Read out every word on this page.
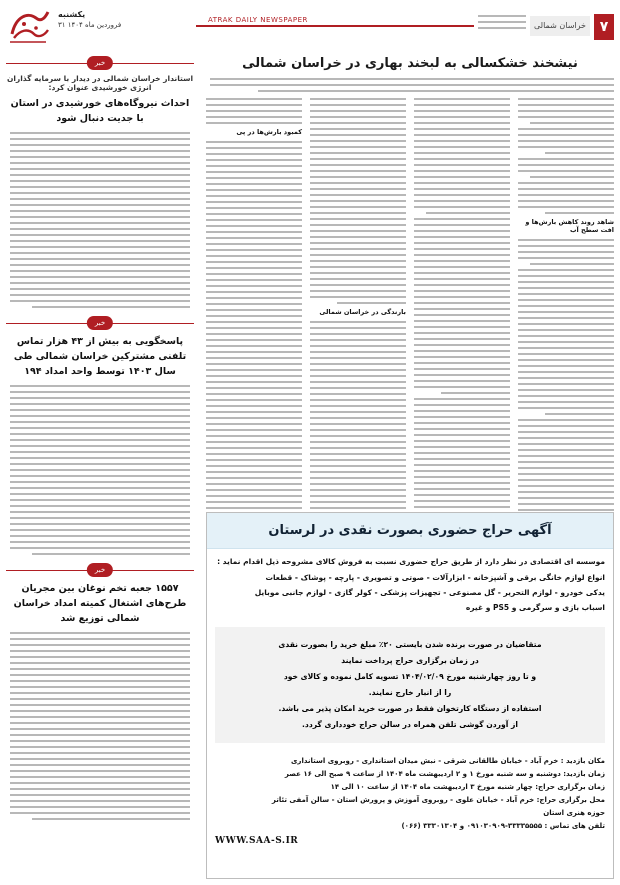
یکشنبه
۳۱ فروردین ماه ۱۴۰۴
ATRAK DAILY NEWSPAPER
خراسان شمالی ۷
نیشخند خشکسالی به لبخند بهاری در خراسان شمالی
شاهد روند کاهش بارش‌ها و افت سطح آب
بارندگی در خراسان شمالی
کمبود بارش‌ها در پی
خبر
استاندار خراسان شمالی در دیدار با سرمایه گذاران انرژی خورشیدی عنوان کرد:
احداث نیروگاه‌های خورشیدی در استان با جدیت دنبال شود
خبر
پاسخگویی به بیش از ۴۳ هزار تماس تلفنی مشترکین خراسان شمالی طی سال ۱۴۰۳ توسط واحد امداد ۱۹۴
خبر
۱۵۵۷ جعبه تخم نوغان بین مجریان طرح‌های اشتغال کمیته امداد خراسان شمالی توزیع شد
آگهی حراج حضوری بصورت نقدی در لرستان
موسسه ای اقتصادی در نظر دارد از طریق حراج حضوری نسبت به فروش کالای مشروحه ذیل اقدام نماید :
انواع لوازم خانگی برقی و آشپزخانه - ابزارآلات - صوتی و تصویری - پارچه - پوشاک - قطعات
یدکی خودرو - لوازم التحریر - گل مصنوعی - تجهیزات پزشکی - کولر گازی - لوازم جانبی موبایل
اسباب بازی و سرگرمی و PS5 و غیره
متقاضیان در صورت برنده شدن بایستی ۲۰٪ مبلغ خرید را بصورت نقدی
در زمان برگزاری حراج پرداخت نمایند
و تا روز چهارشنبه مورخ ۱۴۰۴/۰۲/۰۹ تسویه کامل نموده و کالای خود
را از انبار خارج نمایند.
استفاده از دستگاه کارتخوان فقط در صورت خرید امکان پذیر می باشد.
از آوردن گوشی تلفن همراه در سالن حراج خودداری گردد.
مکان بازدید : خرم آباد - خیابان طالقانی شرقی - نبش میدان استانداری - روبروی استانداری
زمان بازدید: دوشنبه و سه شنبه مورخ ۱ و ۲ اردیبهشت ماه ۱۴۰۴ از ساعت ۹ صبح الی ۱۶ عصر
زمان برگزاری حراج: چهار شنبه مورخ ۳ اردیبهشت ماه ۱۴۰۴ از ساعت ۱۰ الی ۱۴
محل برگزاری حراج: خرم آباد - خیابان علوی - روبروی آموزش و پرورش استان - سالن آمفی تئاتر
حوزه هنری استان
تلفن های تماس : ۳۳۳۳۵۵۵۵-۰۹۱۰۳۰۹۰۹ و ۳۳۳۰۱۳۰۴ (۰۶۶)
WWW.SAA-S.IR
